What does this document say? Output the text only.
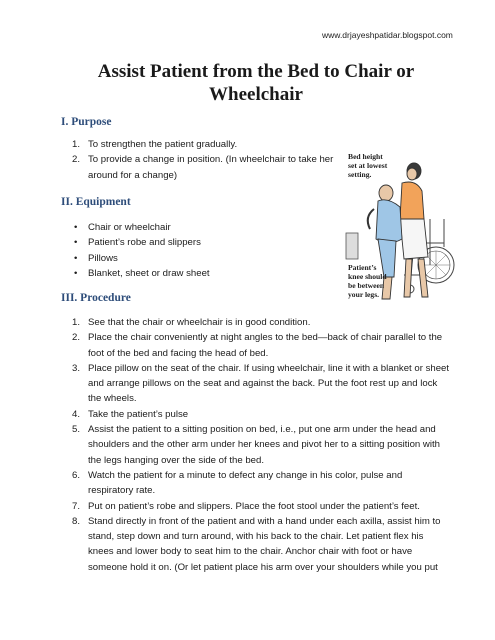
www.drjayeshpatidar.blogspot.com
Assist Patient from the Bed to Chair or Wheelchair
I. Purpose
1. To strengthen the patient gradually.
2. To provide a change in position. (In wheelchair to take her
around for a change)
II. Equipment
• Chair or wheelchair
• Patient’s robe and slippers
• Pillows
• Blanket, sheet or draw sheet
III. Procedure
1. See that the chair or wheelchair is in good condition.
2. Place the chair conveniently at night angles to the bed—back of chair parallel to the
foot of the bed and facing the head of bed.
3. Place pillow on the seat of the chair. If using wheelchair, line it with a blanket or sheet
and arrange pillows on the seat and against the back. Put the foot rest up and lock
the wheels.
4. Take the patient’s pulse
5. Assist the patient to a sitting position on bed, i.e., put one arm under the head and
shoulders and the other arm under her knees and pivot her to a sitting position with
the legs hanging over the side of the bed.
6. Watch the patient for a minute to defect any change in his color, pulse and
respiratory rate.
7. Put on patient’s robe and slippers. Place the foot stool under the patient’s feet.
8. Stand directly in front of the patient and with a hand under each axilla, assist him to
stand, step down and turn around, with his back to the chair. Let patient flex his
knees and lower body to seat him to the chair. Anchor chair with foot or have
someone hold it on. (Or let patient place his arm over your shoulders while you put
Bed height set at lowest setting.
Patient’s knee should be between your legs.
